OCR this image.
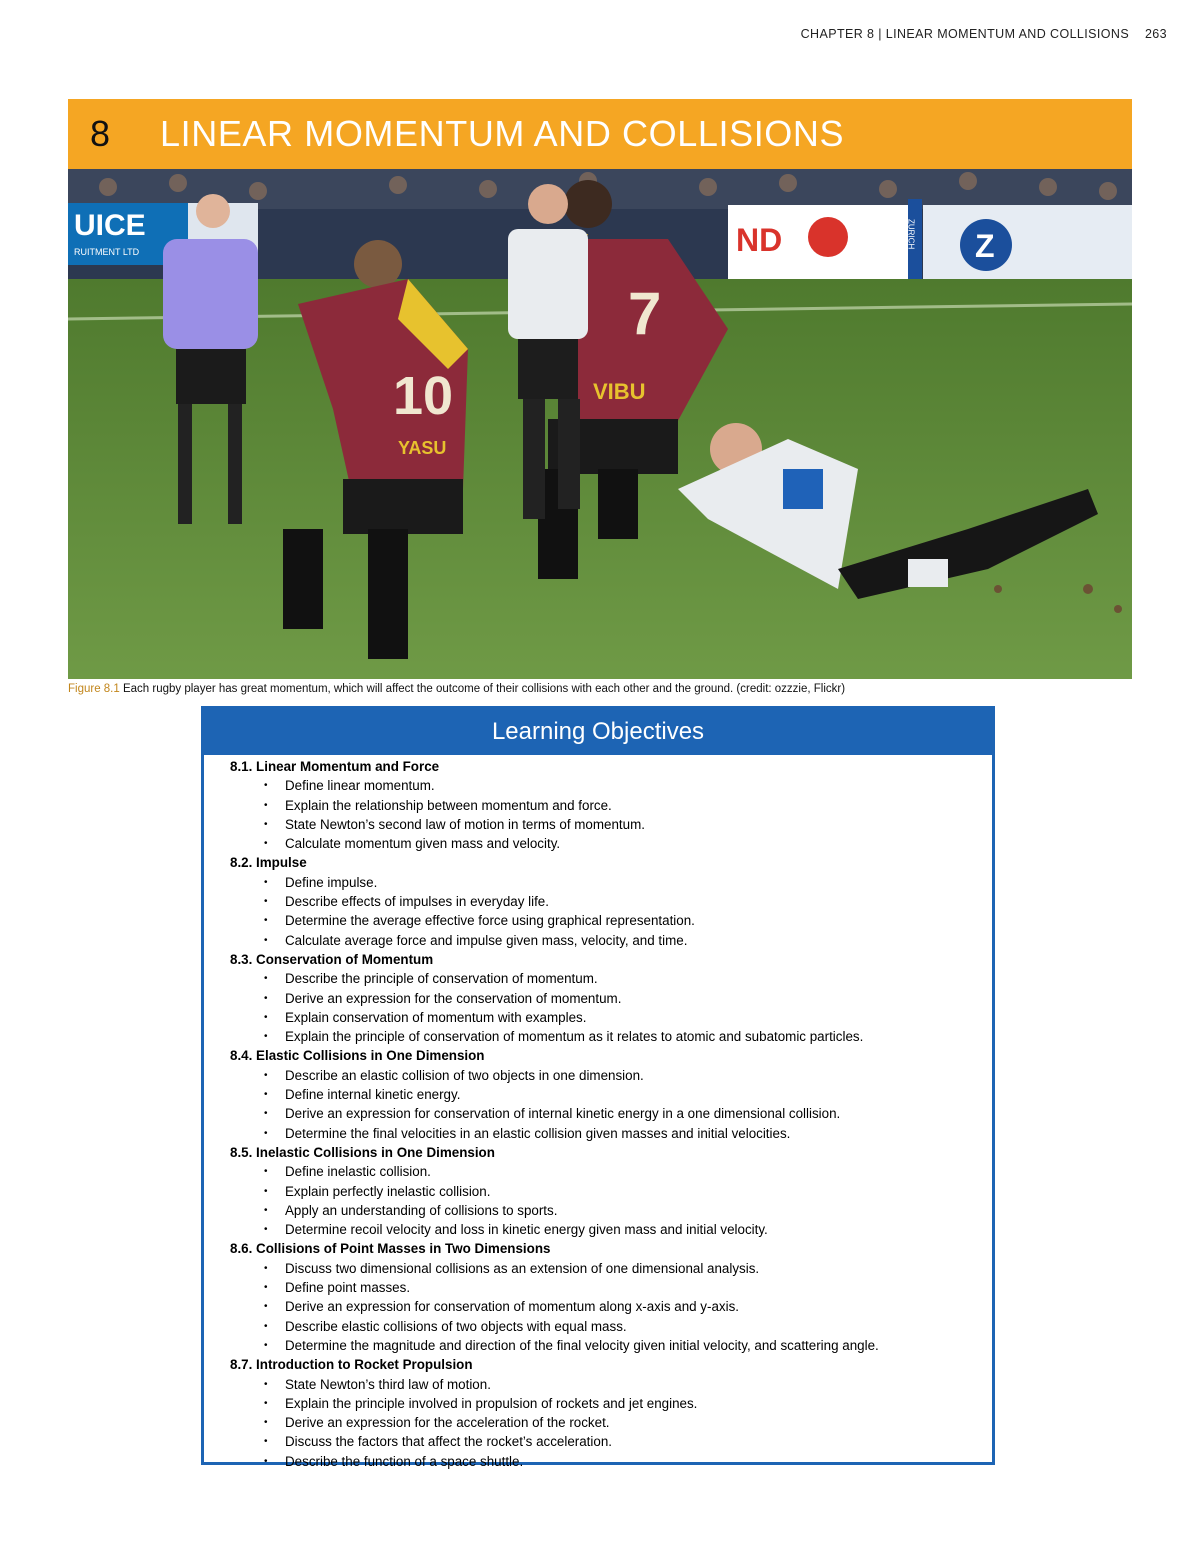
CHAPTER 8 | LINEAR MOMENTUM AND COLLISIONS 263
8	LINEAR MOMENTUM AND COLLISIONS
UICE
RUITMENT LTD	ND	ZURICH Z
10
YASU
7
VIBU
Figure 8.1 Each rugby player has great momentum, which will affect the outcome of their collisions with each other and the ground. (credit: ozzzie, Flickr)
Learning Objectives
8.1. Linear Momentum and Force
• Define linear momentum.
• Explain the relationship between momentum and force.
• State Newton’s second law of motion in terms of momentum.
• Calculate momentum given mass and velocity.
8.2. Impulse
• Define impulse.
• Describe effects of impulses in everyday life.
• Determine the average effective force using graphical representation.
• Calculate average force and impulse given mass, velocity, and time.
8.3. Conservation of Momentum
• Describe the principle of conservation of momentum.
• Derive an expression for the conservation of momentum.
• Explain conservation of momentum with examples.
• Explain the principle of conservation of momentum as it relates to atomic and subatomic particles.
8.4. Elastic Collisions in One Dimension
• Describe an elastic collision of two objects in one dimension.
• Define internal kinetic energy.
• Derive an expression for conservation of internal kinetic energy in a one dimensional collision.
• Determine the final velocities in an elastic collision given masses and initial velocities.
8.5. Inelastic Collisions in One Dimension
• Define inelastic collision.
• Explain perfectly inelastic collision.
• Apply an understanding of collisions to sports.
• Determine recoil velocity and loss in kinetic energy given mass and initial velocity.
8.6. Collisions of Point Masses in Two Dimensions
• Discuss two dimensional collisions as an extension of one dimensional analysis.
• Define point masses.
• Derive an expression for conservation of momentum along x-axis and y-axis.
• Describe elastic collisions of two objects with equal mass.
• Determine the magnitude and direction of the final velocity given initial velocity, and scattering angle.
8.7. Introduction to Rocket Propulsion
• State Newton’s third law of motion.
• Explain the principle involved in propulsion of rockets and jet engines.
• Derive an expression for the acceleration of the rocket.
• Discuss the factors that affect the rocket’s acceleration.
• Describe the function of a space shuttle.
